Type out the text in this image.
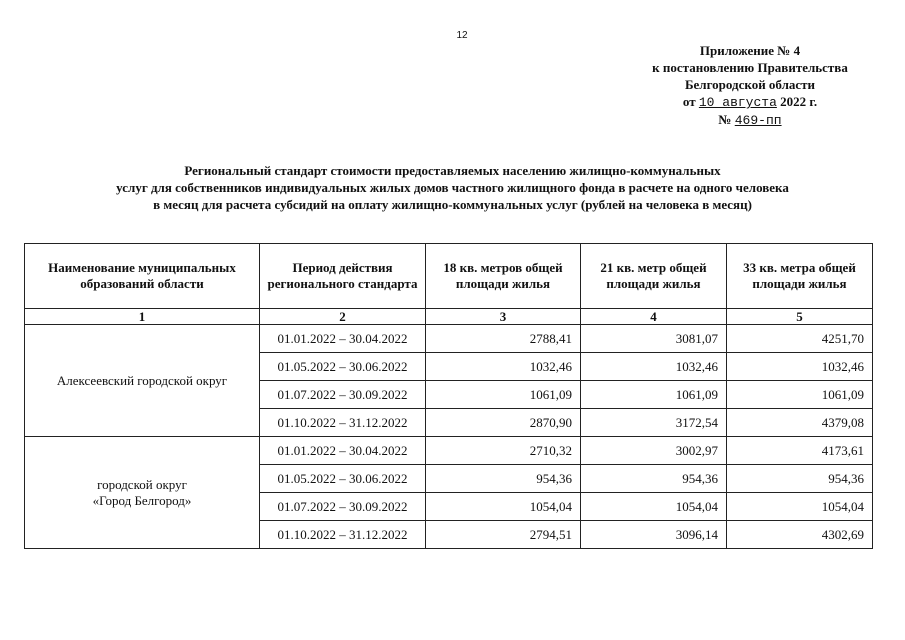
12
Приложение № 4
к постановлению Правительства
Белгородской области
от 10 августа 2022 г.
№ 469-пп
Региональный стандарт стоимости предоставляемых населению жилищно-коммунальных
услуг для собственников индивидуальных жилых домов частного жилищного фонда в расчете на одного человека
в месяц для расчета субсидий на оплату жилищно-коммунальных услуг (рублей на человека в месяц)
Наименование муниципальных образований области	Период действия регионального стандарта	18 кв. метров общей площади жилья	21 кв. метр общей площади жилья	33 кв. метра общей площади жилья
1	2	3	4	5

Алексеевский городской округ	01.01.2022 – 30.04.2022	2788,41	3081,07	4251,70
	01.05.2022 – 30.06.2022	1032,46	1032,46	1032,46
	01.07.2022 – 30.09.2022	1061,09	1061,09	1061,09
	01.10.2022 – 31.12.2022	2870,90	3172,54	4379,08

городской округ
«Город Белгород»	01.01.2022 – 30.04.2022	2710,32	3002,97	4173,61
	01.05.2022 – 30.06.2022	954,36	954,36	954,36
	01.07.2022 – 30.09.2022	1054,04	1054,04	1054,04
	01.10.2022 – 31.12.2022	2794,51	3096,14	4302,69
